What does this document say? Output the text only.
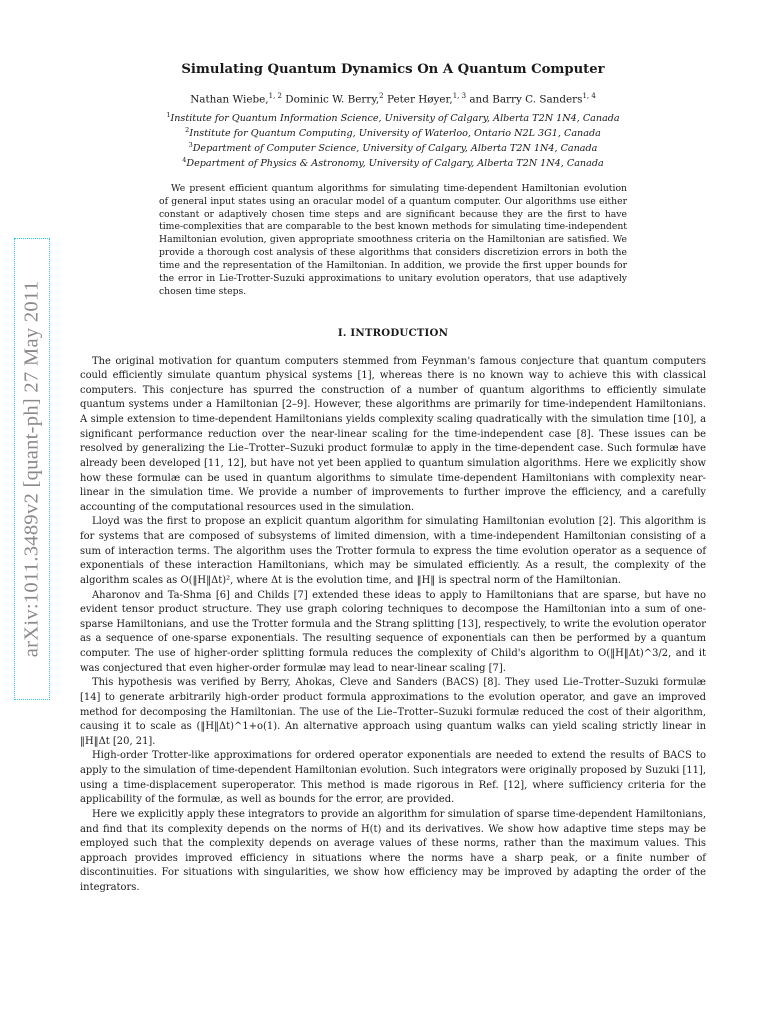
arXiv:1011.3489v2 [quant-ph] 27 May 2011
Simulating Quantum Dynamics On A Quantum Computer
Nathan Wiebe,$^{1, 2}$ Dominic W. Berry,$^2$ Peter Høyer,$^{1, 3}$ and Barry C. Sanders$^{1, 4}$
$^1$Institute for Quantum Information Science, University of Calgary, Alberta T2N 1N4, Canada
$^2$Institute for Quantum Computing, University of Waterloo, Ontario N2L 3G1, Canada
$^3$Department of Computer Science, University of Calgary, Alberta T2N 1N4, Canada
$^4$Department of Physics & Astronomy, University of Calgary, Alberta T2N 1N4, Canada

We present efficient quantum algorithms for simulating time-dependent Hamiltonian evolution of general input states using an oracular model of a quantum computer. Our algorithms use either constant or adaptively chosen time steps and are significant because they are the first to have time-complexities that are comparable to the best known methods for simulating time-independent Hamiltonian evolution, given appropriate smoothness criteria on the Hamiltonian are satisfied. We provide a thorough cost analysis of these algorithms that considers discretizion errors in both the time and the representation of the Hamiltonian. In addition, we provide the first upper bounds for the error in Lie-Trotter-Suzuki approximations to unitary evolution operators, that use adaptively chosen time steps.

I. INTRODUCTION

The original motivation for quantum computers stemmed from Feynman's famous conjecture that quantum computers could efficiently simulate quantum physical systems [1], whereas there is no known way to achieve this with classical computers. This conjecture has spurred the construction of a number of quantum algorithms to efficiently simulate quantum systems under a Hamiltonian [2–9]. However, these algorithms are primarily for time-independent Hamiltonians. A simple extension to time-dependent Hamiltonians yields complexity scaling quadratically with the simulation time [10], a significant performance reduction over the near-linear scaling for the time-independent case [8]. These issues can be resolved by generalizing the Lie–Trotter–Suzuki product formulæ to apply in the time-dependent case. Such formulæ have already been developed [11, 12], but have not yet been applied to quantum simulation algorithms. Here we explicitly show how these formulæ can be used in quantum algorithms to simulate time-dependent Hamiltonians with complexity near-linear in the simulation time. We provide a number of improvements to further improve the efficiency, and a carefully accounting of the computational resources used in the simulation.

Lloyd was the first to propose an explicit quantum algorithm for simulating Hamiltonian evolution [2]. This algorithm is for systems that are composed of subsystems of limited dimension, with a time-independent Hamiltonian consisting of a sum of interaction terms. The algorithm uses the Trotter formula to express the time evolution operator as a sequence of exponentials of these interaction Hamiltonians, which may be simulated efficiently. As a result, the complexity of the algorithm scales as O(‖H‖Δt)², where Δt is the evolution time, and ‖H‖ is spectral norm of the Hamiltonian.

Aharonov and Ta-Shma [6] and Childs [7] extended these ideas to apply to Hamiltonians that are sparse, but have no evident tensor product structure. They use graph coloring techniques to decompose the Hamiltonian into a sum of one-sparse Hamiltonians, and use the Trotter formula and the Strang splitting [13], respectively, to write the evolution operator as a sequence of one-sparse exponentials. The resulting sequence of exponentials can then be performed by a quantum computer. The use of higher-order splitting formula reduces the complexity of Child's algorithm to O(‖H‖Δt)^3/2, and it was conjectured that even higher-order formulæ may lead to near-linear scaling [7].

This hypothesis was verified by Berry, Ahokas, Cleve and Sanders (BACS) [8]. They used Lie–Trotter–Suzuki formulæ [14] to generate arbitrarily high-order product formula approximations to the evolution operator, and gave an improved method for decomposing the Hamiltonian. The use of the Lie–Trotter–Suzuki formulæ reduced the cost of their algorithm, causing it to scale as (‖H‖Δt)^1+o(1). An alternative approach using quantum walks can yield scaling strictly linear in ‖H‖Δt [20, 21].

High-order Trotter-like approximations for ordered operator exponentials are needed to extend the results of BACS to apply to the simulation of time-dependent Hamiltonian evolution. Such integrators were originally proposed by Suzuki [11], using a time-displacement superoperator. This method is made rigorous in Ref. [12], where sufficiency criteria for the applicability of the formulæ, as well as bounds for the error, are provided.

Here we explicitly apply these integrators to provide an algorithm for simulation of sparse time-dependent Hamiltonians, and find that its complexity depends on the norms of H(t) and its derivatives. We show how adaptive time steps may be employed such that the complexity depends on average values of these norms, rather than the maximum values. This approach provides improved efficiency in situations where the norms have a sharp peak, or a finite number of discontinuities. For situations with singularities, we show how efficiency may be improved by adapting the order of the integrators.
